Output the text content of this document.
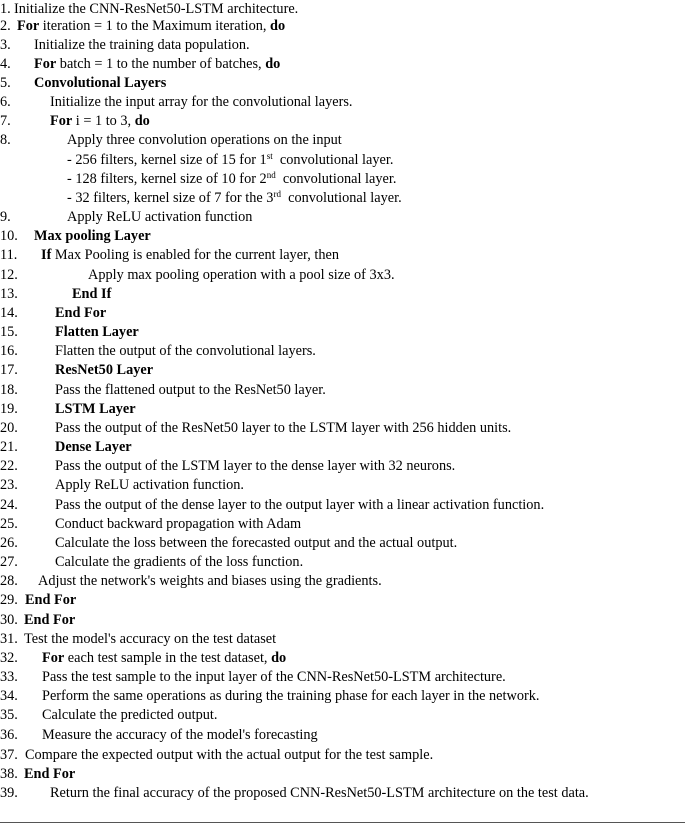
1. Initialize the CNN-ResNet50-LSTM architecture.
2. For iteration = 1 to the Maximum iteration, do
3. Initialize the training data population.
4. For batch = 1 to the number of batches, do
5. Convolutional Layers
6.	Initialize the input array for the convolutional layers.
7.	For i = 1 to 3, do
8.	Apply three convolution operations on the input
- 256 filters, kernel size of 15 for 1st  convolutional layer.
- 128 filters, kernel size of 10 for 2nd  convolutional layer.
- 32 filters, kernel size of 7 for the 3rd  convolutional layer.
9.	Apply ReLU activation function
10. Max pooling Layer
11. If Max Pooling is enabled for the current layer, then
12.	Apply max pooling operation with a pool size of 3x3.
13.	End If
14.	End For
15.	Flatten Layer
16.	Flatten the output of the convolutional layers.
17.	ResNet50 Layer
18.	Pass the flattened output to the ResNet50 layer.
19.	LSTM Layer
20.	Pass the output of the ResNet50 layer to the LSTM layer with 256 hidden units.
21.	Dense Layer
22.	Pass the output of the LSTM layer to the dense layer with 32 neurons.
23.	Apply ReLU activation function.
24.	Pass the output of the dense layer to the output layer with a linear activation function.
25.	Conduct backward propagation with Adam
26.	Calculate the loss between the forecasted output and the actual output.
27.	Calculate the gradients of the loss function.
28. Adjust the network's weights and biases using the gradients.
29. End For
30. End For
31. Test the model's accuracy on the test dataset
32. For each test sample in the test dataset, do
33. Pass the test sample to the input layer of the CNN-ResNet50-LSTM architecture.
34. Perform the same operations as during the training phase for each layer in the network.
35. Calculate the predicted output.
36. Measure the accuracy of the model's forecasting
37. Compare the expected output with the actual output for the test sample.
38. End For
39. Return the final accuracy of the proposed CNN-ResNet50-LSTM architecture on the test data.
